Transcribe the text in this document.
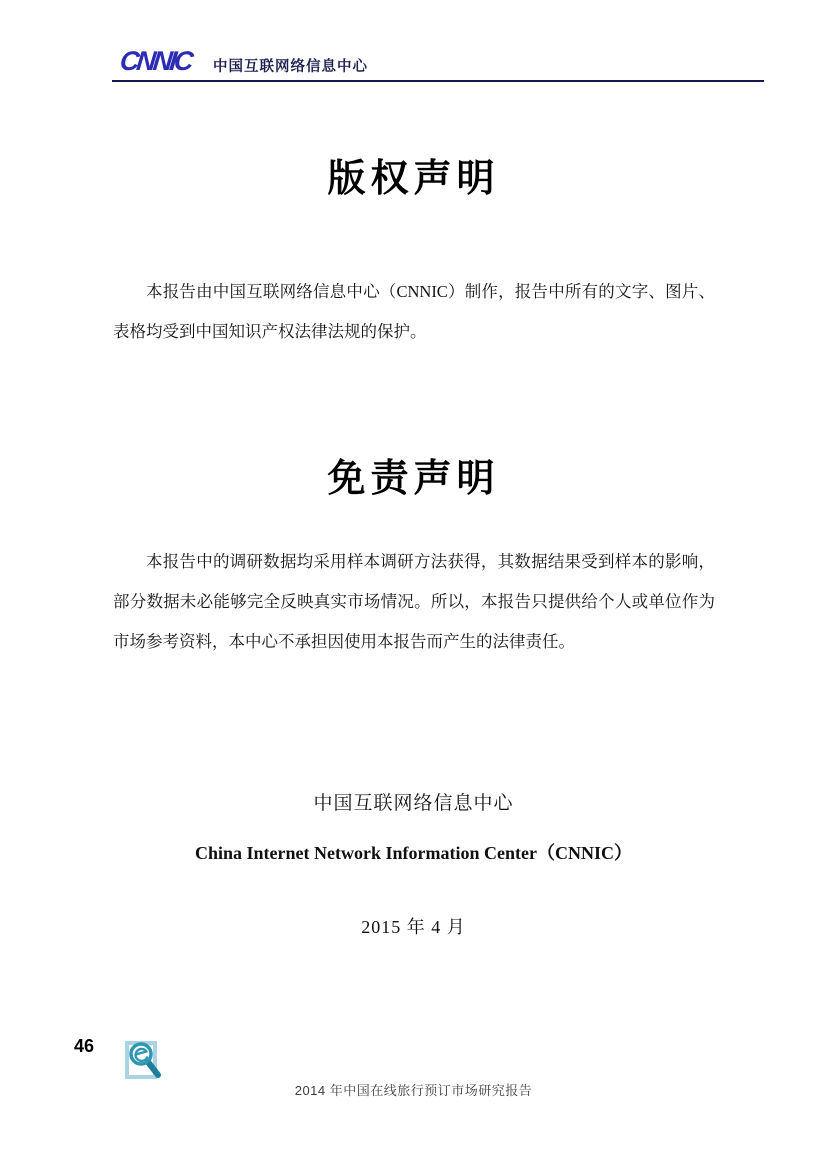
CNNIC 中国互联网络信息中心
版权声明
本报告由中国互联网络信息中心（CNNIC）制作，报告中所有的文字、图片、表格均受到中国知识产权法律法规的保护。
免责声明
本报告中的调研数据均采用样本调研方法获得，其数据结果受到样本的影响，部分数据未必能够完全反映真实市场情况。所以，本报告只提供给个人或单位作为市场参考资料，本中心不承担因使用本报告而产生的法律责任。
中国互联网络信息中心
China Internet Network Information Center（CNNIC）
2015 年 4 月
46
2014 年中国在线旅行预订市场研究报告
